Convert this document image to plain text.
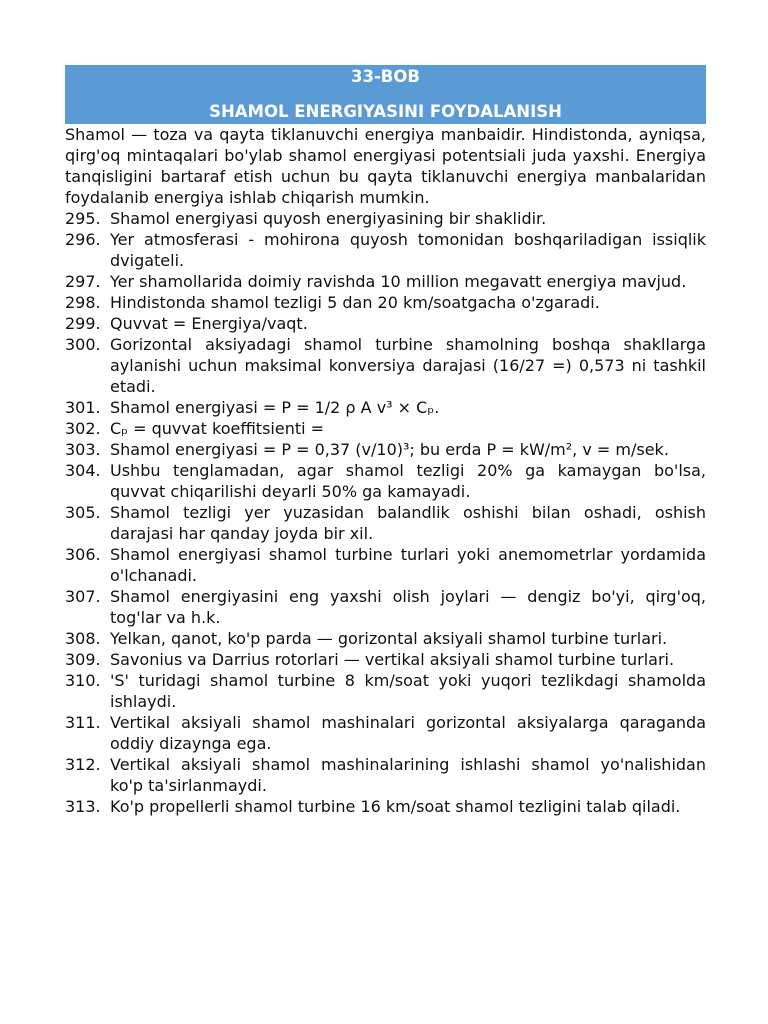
33-BOB
SHAMOL ENERGIYASINI FOYDALANISH

Shamol — toza va qayta tiklanuvchi energiya manbaidir. Hindistonda, ayniqsa, qirg'oq mintaqalari bo'ylab shamol energiyasi potentsiali juda yaxshi. Energiya tanqisligini bartaraf etish uchun bu qayta tiklanuvchi energiya manbalaridan foydalanib energiya ishlab chiqarish mumkin.

295. Shamol energiyasi quyosh energiyasining bir shaklidir.
296. Yer atmosferasi - mohirona quyosh tomonidan boshqariladigan issiqlik dvigateli.
297. Yer shamollarida doimiy ravishda 10 million megavatt energiya mavjud.
298. Hindistonda shamol tezligi 5 dan 20 km/soatgacha o'zgaradi.
299. Quvvat = Energiya/vaqt.
300. Gorizontal aksiyadagi shamol turbine shamolning boshqa shakllarga aylanishi uchun maksimal konversiya darajasi (16/27 =) 0,573 ni tashkil etadi.
301. Shamol energiyasi = P = 1/2 ρ A v³ × Cₚ.
302. Cₚ = quvvat koeffitsienti =
303. Shamol energiyasi = P = 0,37 (v/10)³; bu erda P = kW/m², v = m/sek.
304. Ushbu tenglamadan, agar shamol tezligi 20% ga kamaygan bo'lsa, quvvat chiqarilishi deyarli 50% ga kamayadi.
305. Shamol tezligi yer yuzasidan balandlik oshishi bilan oshadi, oshish darajasi har qanday joyda bir xil.
306. Shamol energiyasi shamol turbine turlari yoki anemometrlar yordamida o'lchanadi.
307. Shamol energiyasini eng yaxshi olish joylari — dengiz bo'yi, qirg'oq, tog'lar va h.k.
308. Yelkan, qanot, ko'p parda — gorizontal aksiyali shamol turbine turlari.
309. Savonius va Darrius rotorlari — vertikal aksiyali shamol turbine turlari.
310. 'S' turidagi shamol turbine 8 km/soat yoki yuqori tezlikdagi shamolda ishlaydi.
311. Vertikal aksiyali shamol mashinalari gorizontal aksiyalarga qaraganda oddiy dizaynga ega.
312. Vertikal aksiyali shamol mashinalarining ishlashi shamol yo'nalishidan ko'p ta'sirlanmaydi.
313. Ko'p propellerli shamol turbine 16 km/soat shamol tezligini talab qiladi.
